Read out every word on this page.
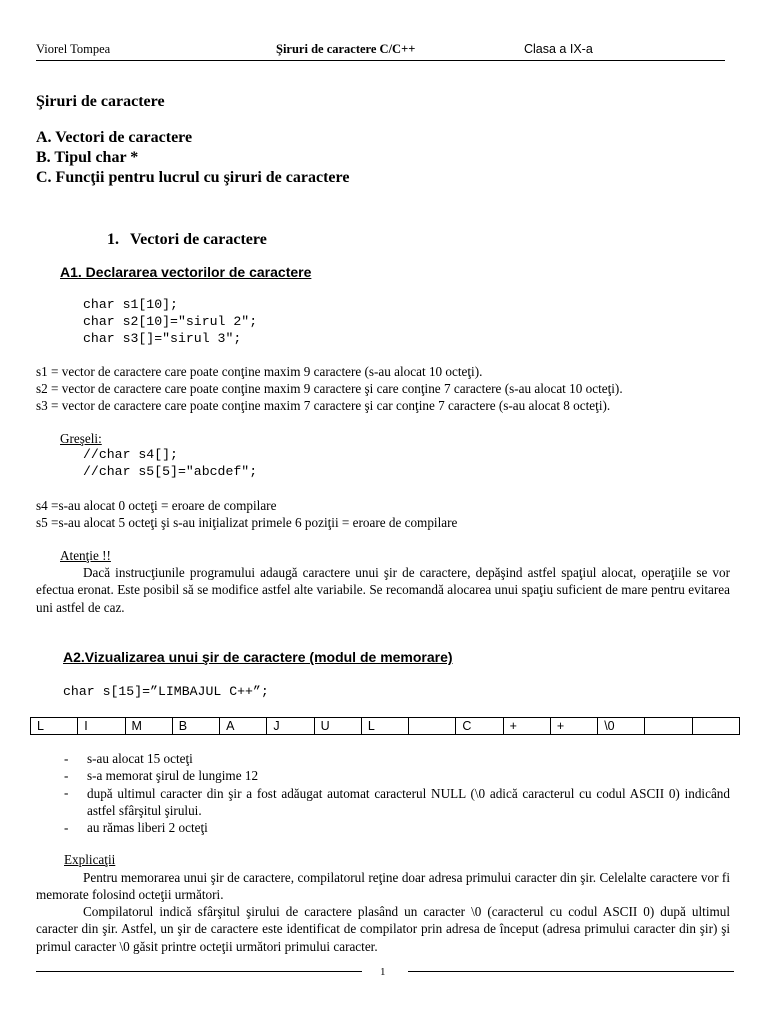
Viorel Tompea	Şiruri de caractere C/C++	Clasa a IX-a
Şiruri de caractere
A. Vectori de caractere
B. Tipul char *
C. Funcţii pentru lucrul cu şiruri de caractere
1. Vectori de caractere
A1. Declararea vectorilor de caractere
char s1[10];
char s2[10]="sirul 2";
char s3[]="sirul 3";
s1 = vector de caractere care poate conţine maxim 9 caractere (s-au alocat 10 octeţi).
s2 = vector de caractere care poate conţine maxim 9 caractere şi care conţine 7 caractere (s-au alocat 10 octeţi).
s3 = vector de caractere care poate conţine maxim 7 caractere şi car conţine 7 caractere (s-au alocat 8 octeţi).
Greşeli:
//char s4[];
//char s5[5]="abcdef";
s4 =s-au alocat 0 octeţi = eroare de compilare
s5 =s-au alocat 5 octeţi şi s-au iniţializat primele 6 poziţii = eroare de compilare
Atenţie !!
Dacă instrucţiunile programului adaugă caractere unui şir de caractere, depăşind astfel spaţiul alocat, operaţiile se vor efectua eronat. Este posibil să se modifice astfel alte variabile. Se recomandă alocarea unui spaţiu suficient de mare pentru evitarea uni astfel de caz.
A2.Vizualizarea unui şir de caractere (modul de memorare)
char s[15]=”LIMBAJUL C++”;
L	I	M	B	A	J	U	L		C	+	+	\0		
- s-au alocat 15 octeţi
- s-a memorat şirul de lungime 12
- după ultimul caracter din şir a fost adăugat automat caracterul NULL (\0 adică caracterul cu codul ASCII 0) indicând astfel sfârşitul şirului.
- au rămas liberi 2 octeţi
Explicaţii
Pentru memorarea unui şir de caractere, compilatorul reţine doar adresa primului caracter din şir. Celelalte caractere vor fi memorate folosind octeţii următori.
Compilatorul indică sfârşitul şirului de caractere plasând un caracter \0 (caracterul cu codul ASCII 0) după ultimul caracter din şir. Astfel, un şir de caractere este identificat de compilator prin adresa de început (adresa primului caracter din şir) şi primul caracter \0 găsit printre octeţii următori primului caracter.
1
